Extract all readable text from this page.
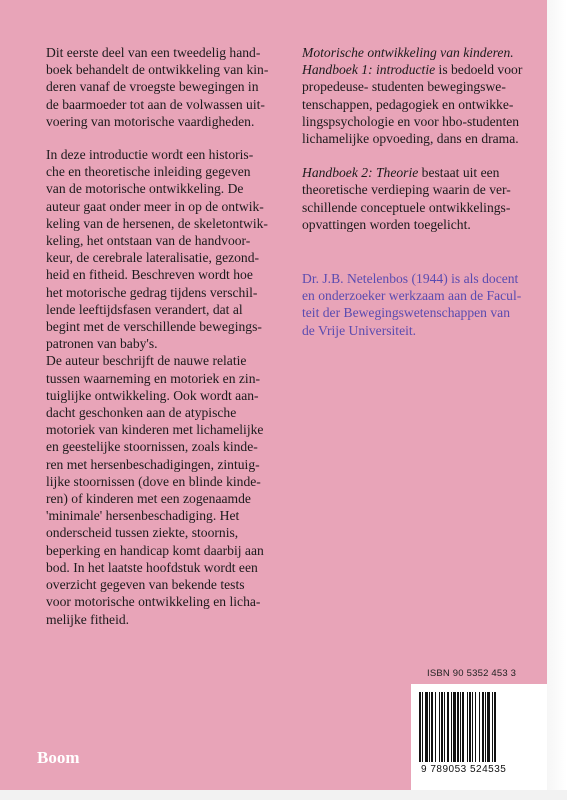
Dit eerste deel van een tweedelig hand-
boek behandelt de ontwikkeling van kin-
deren vanaf de vroegste bewegingen in
de baarmoeder tot aan de volwassen uit-
voering van motorische vaardigheden.

In deze introductie wordt een historis-
che en theoretische inleiding gegeven
van de motorische ontwikkeling. De
auteur gaat onder meer in op de ontwik-
keling van de hersenen, de skeletontwik-
keling, het ontstaan van de handvoor-
keur, de cerebrale lateralisatie, gezond-
heid en fitheid. Beschreven wordt hoe
het motorische gedrag tijdens verschil-
lende leeftijdsfasen verandert, dat al
begint met de verschillende bewegings-
patronen van baby's.

De auteur beschrijft de nauwe relatie
tussen waarneming en motoriek en zin-
tuiglijke ontwikkeling. Ook wordt aan-
dacht geschonken aan de atypische
motoriek van kinderen met lichamelijke
en geestelijke stoornissen, zoals kinde-
ren met hersenbeschadigingen, zintuig-
lijke stoornissen (dove en blinde kinde-
ren) of kinderen met een zogenaamde
'minimale' hersenbeschadiging. Het
onderscheid tussen ziekte, stoornis,
beperking en handicap komt daarbij aan
bod. In het laatste hoofdstuk wordt een
overzicht gegeven van bekende tests
voor motorische ontwikkeling en licha-
melijke fitheid.

Motorische ontwikkeling van kinderen.
Handboek 1: introductie is bedoeld voor
propedeuse- studenten bewegingswe-
tenschappen, pedagogiek en ontwikke-
lingspsychologie en voor hbo-studenten
lichamelijke opvoeding, dans en drama.

Handboek 2: Theorie bestaat uit een
theoretische verdieping waarin de ver-
schillende conceptuele ontwikkelings-
opvattingen worden toegelicht.

Dr. J.B. Netelenbos (1944) is als docent
en onderzoeker werkzaam aan de Facul-
teit der Bewegingswetenschappen van
de Vrije Universiteit.

ISBN 90 5352 453 3
9 789053 524535
Boom
